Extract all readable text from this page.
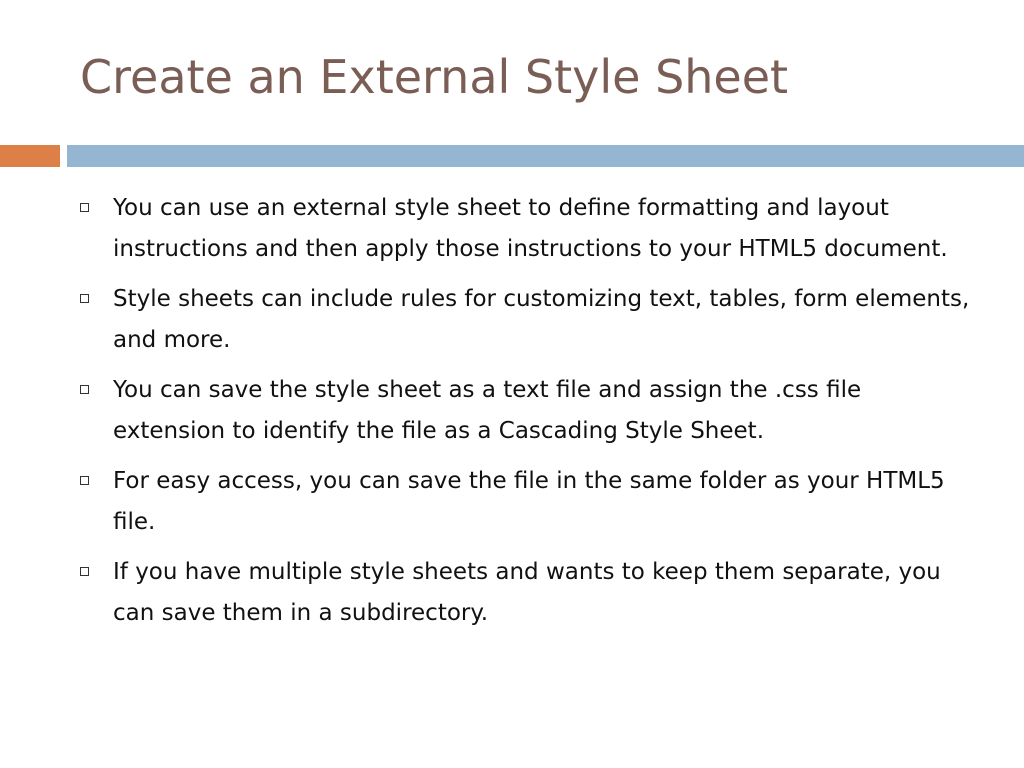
Create an External Style Sheet
You can use an external style sheet to define formatting and layout instructions and then apply those instructions to your HTML5 document.
Style sheets can include rules for customizing text, tables, form elements, and more.
You can save the style sheet as a text file and assign the .css file extension to identify the file as a Cascading Style Sheet.
For easy access, you can save the file in the same folder as your HTML5 file.
If you have multiple style sheets and wants to keep them separate, you can save them in a subdirectory.
